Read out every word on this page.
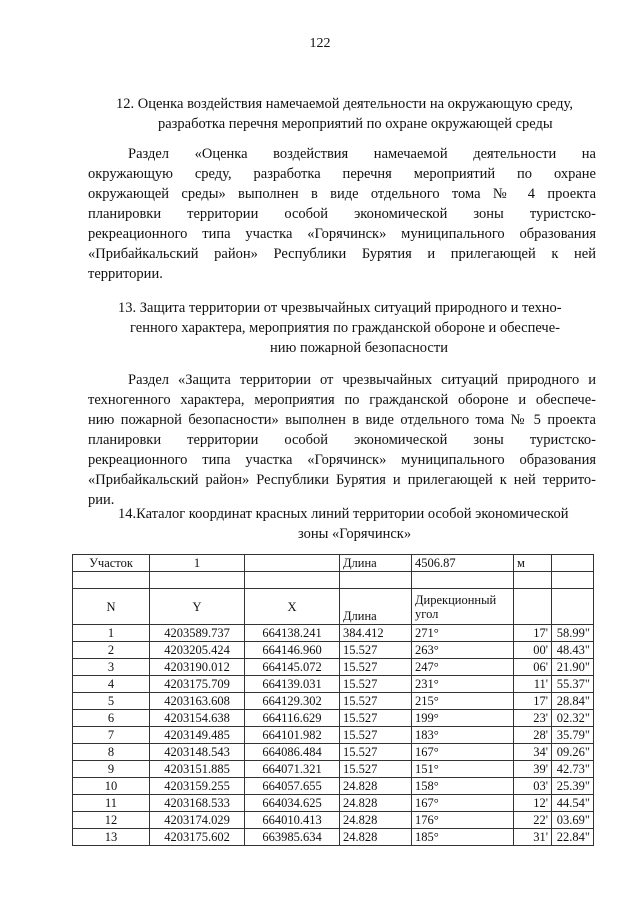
122
12. Оценка воздействия намечаемой деятельности на окружающую среду,
разработка перечня мероприятий по охране окружающей среды
Раздел «Оценка воздействия намечаемой деятельности на
окружающую среду, разработка перечня мероприятий по охране
окружающей среды» выполнен в виде отдельного тома № 4 проекта
планировки территории особой экономической зоны туристско-
рекреационного типа участка «Горячинск» муниципального образования
«Прибайкальский район» Республики Бурятия и прилегающей к ней
территории.
13. Защита территории от чрезвычайных ситуаций природного и техно-
генного характера, мероприятия по гражданской обороне и обеспече-
нию пожарной безопасности
Раздел «Защита территории от чрезвычайных ситуаций природного и
техногенного характера, мероприятия по гражданской обороне и обеспече-
нию пожарной безопасности» выполнен в виде отдельного тома № 5 проекта
планировки территории особой экономической зоны туристско-
рекреационного типа участка «Горячинск» муниципального образования
«Прибайкальский район» Республики Бурятия и прилегающей к ней террито-
рии.
14.Каталог координат красных линий территории особой экономической
зоны «Горячинск»
Участок	1		Длина	4506.87	м	

N	Y	X	Длина	Дирекционный
угол		

1	4203589.737	664138.241	384.412	271°	17'	58.99"
2	4203205.424	664146.960	15.527	263°	00'	48.43"
3	4203190.012	664145.072	15.527	247°	06'	21.90"
4	4203175.709	664139.031	15.527	231°	11'	55.37"
5	4203163.608	664129.302	15.527	215°	17'	28.84"
6	4203154.638	664116.629	15.527	199°	23'	02.32"
7	4203149.485	664101.982	15.527	183°	28'	35.79"
8	4203148.543	664086.484	15.527	167°	34'	09.26"
9	4203151.885	664071.321	15.527	151°	39'	42.73"
10	4203159.255	664057.655	24.828	158°	03'	25.39"
11	4203168.533	664034.625	24.828	167°	12'	44.54"
12	4203174.029	664010.413	24.828	176°	22'	03.69"
13	4203175.602	663985.634	24.828	185°	31'	22.84"
